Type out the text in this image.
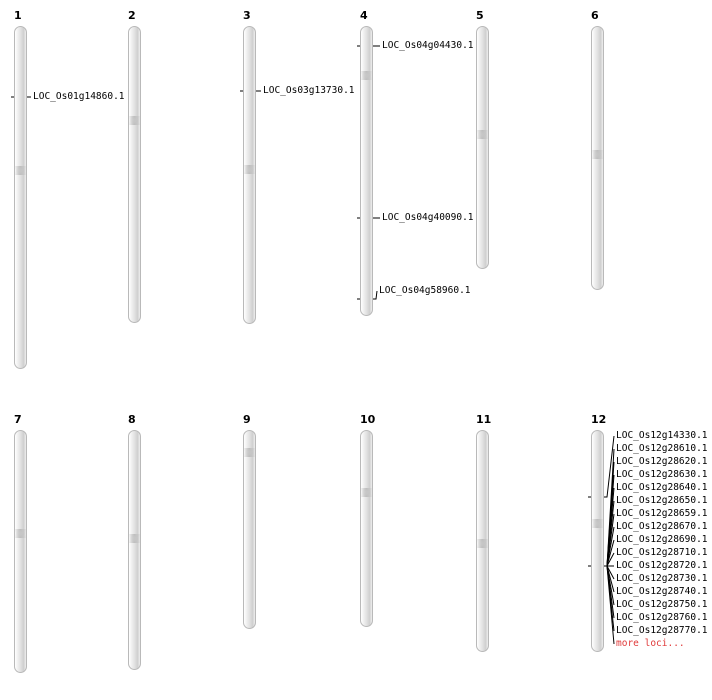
1
LOC_Os01g14860.1
2	3
LOC_Os03g13730.1
4
LOC_Os04g04430.1
LOC_Os04g40090.1
LOC_Os04g58960.1
5	6
7	8	9	10	11	12
LOC_Os12g14330.1
LOC_Os12g28610.1
LOC_Os12g28620.1
LOC_Os12g28630.1
LOC_Os12g28640.1
LOC_Os12g28650.1
LOC_Os12g28659.1
LOC_Os12g28670.1
LOC_Os12g28690.1
LOC_Os12g28710.1
LOC_Os12g28720.1
LOC_Os12g28730.1
LOC_Os12g28740.1
LOC_Os12g28750.1
LOC_Os12g28760.1
LOC_Os12g28770.1
more loci...
